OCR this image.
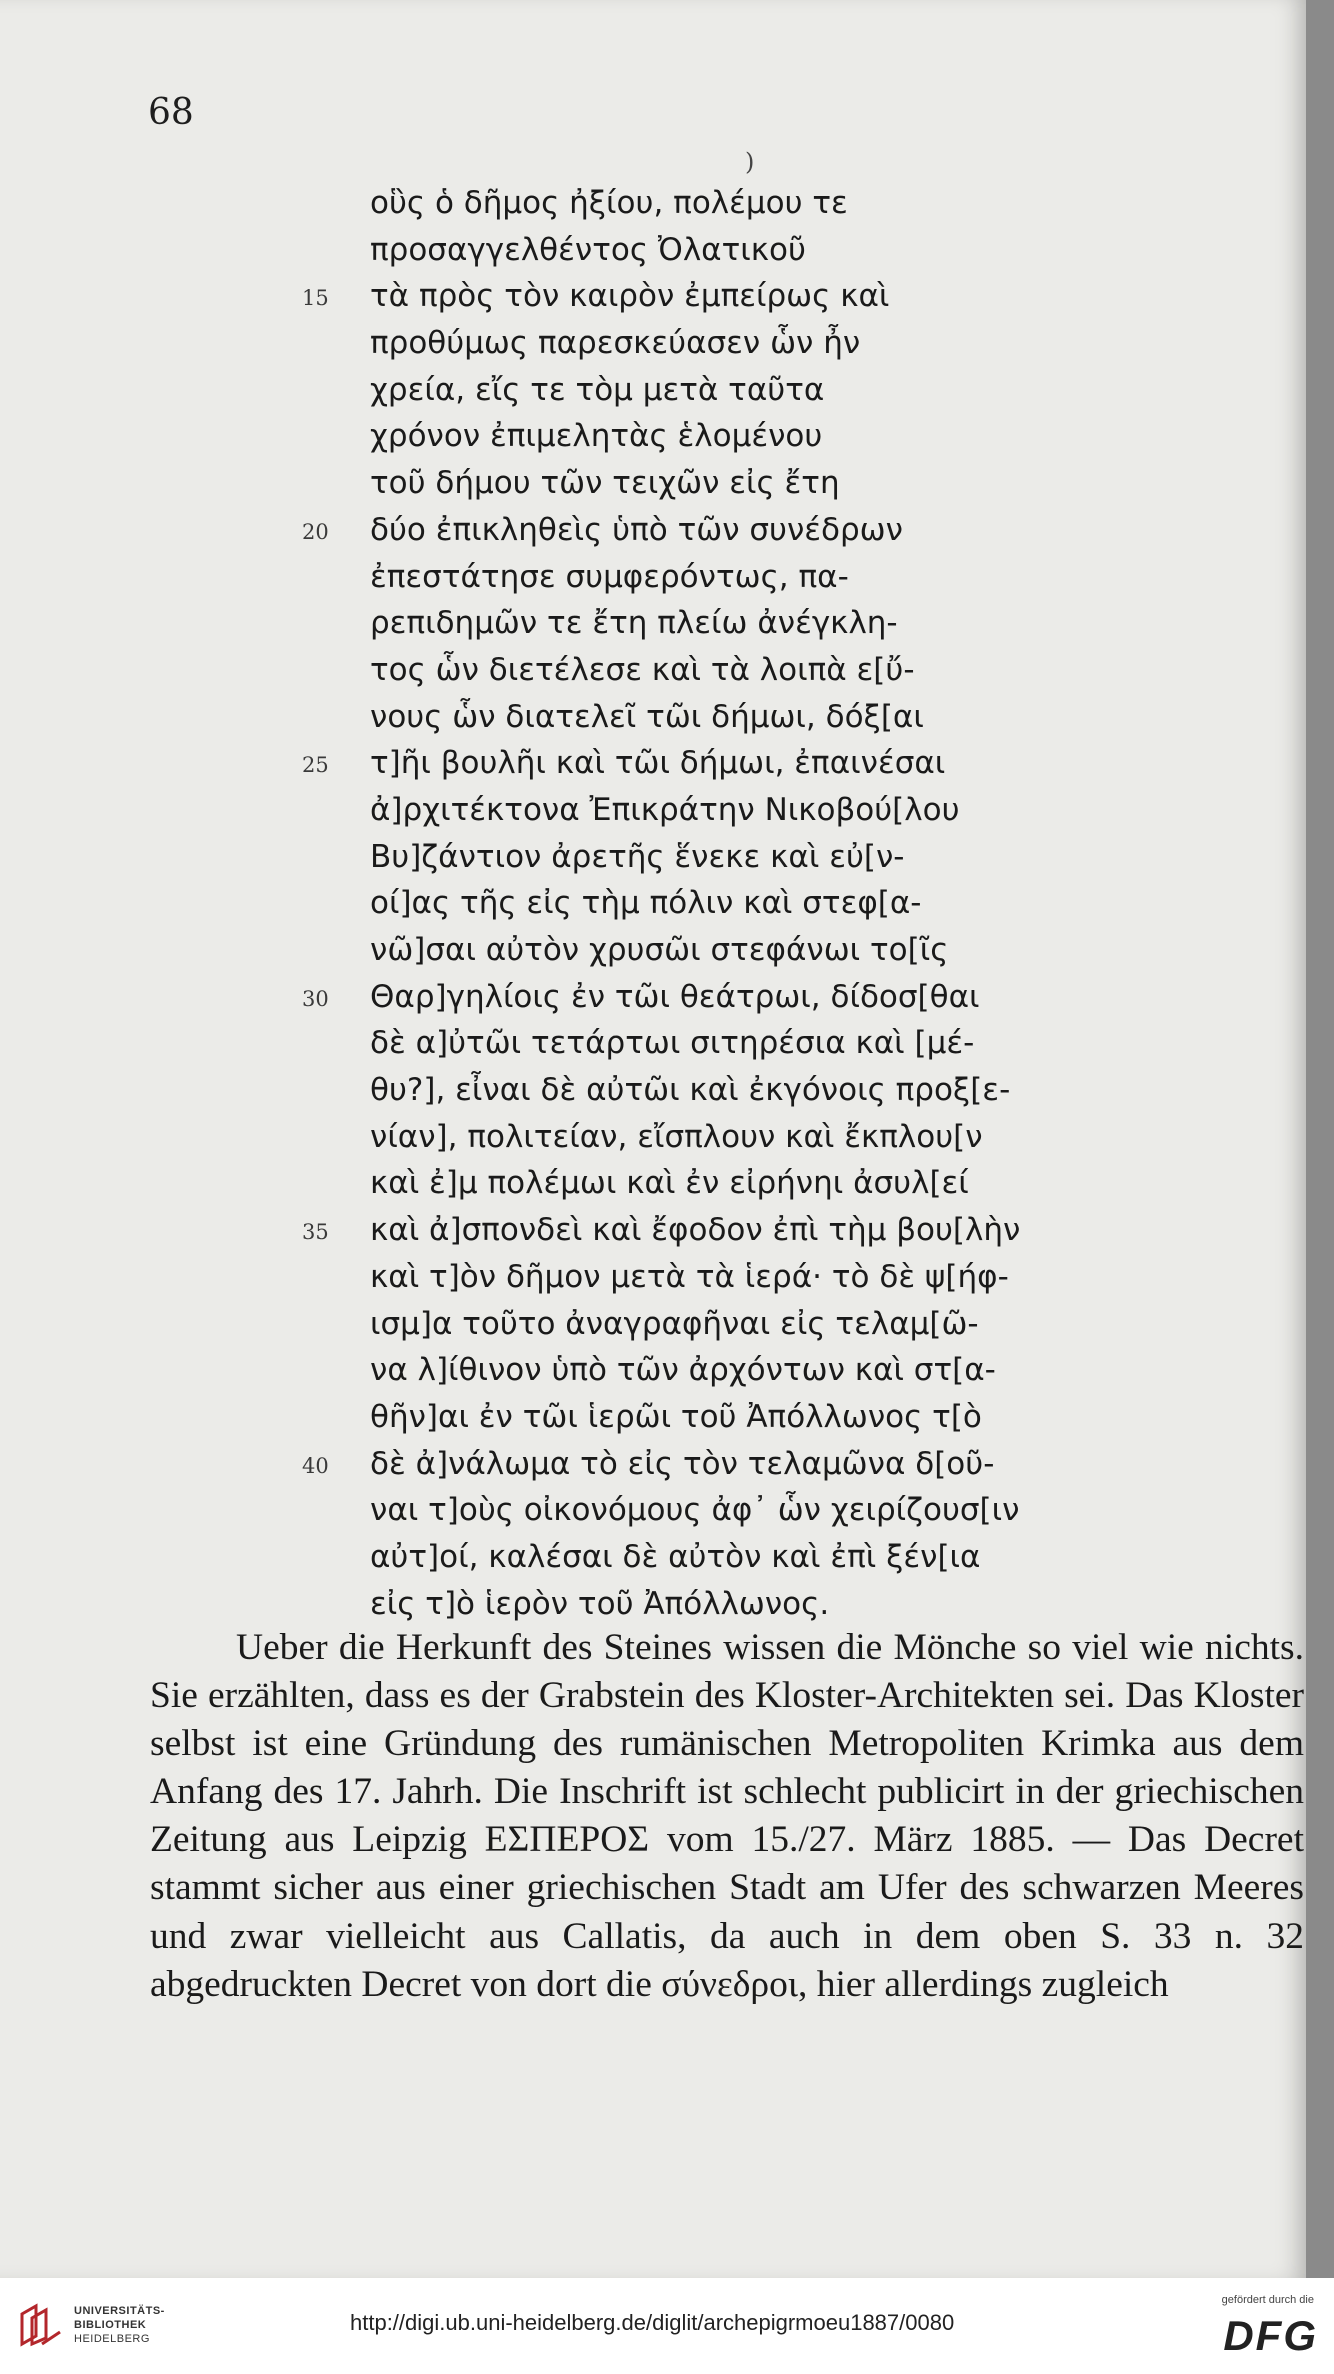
68
)
οὓς ὁ δῆμος ἠξίου, πολέμου τε
προσαγγελθέντος Ὀλατικοῦ
15 τὰ πρὸς τὸν καιρὸν ἐμπείρως καὶ
προθύμως παρεσκεύασεν ὧν ἦν
χρεία, εἴς τε τὸμ μετὰ ταῦτα
χρόνον ἐπιμελητὰς ἑλομένου
τοῦ δήμου τῶν τειχῶν εἰς ἔτη
20 δύο ἐπικληθεὶς ὑπὸ τῶν συνέδρων
ἐπεστάτησε συμφερόντως, πα-
ρεπιδημῶν τε ἔτη πλείω ἀνέγκλη-
τος ὧν διετέλεσε καὶ τὰ λοιπὰ ε[ὔ-
νους ὧν διατελεῖ τῶι δήμωι, δόξ[αι
25 τ]ῆι βουλῆι καὶ τῶι δήμωι, ἐπαινέσαι
ἀ]ρχιτέκτονα Ἐπικράτην Νικοβού[λου
Βυ]ζάντιον ἀρετῆς ἕνεκε καὶ εὐ[ν-
οί]ας τῆς εἰς τὴμ πόλιν καὶ στεφ[α-
νῶ]σαι αὐτὸν χρυσῶι στεφάνωι το[ῖς
30 Θαρ]γηλίοις ἐν τῶι θεάτρωι, δίδοσ[θαι
δὲ α]ὐτῶι τετάρτωι σιτηρέσια καὶ [μέ-
θυ?], εἶναι δὲ αὐτῶι καὶ ἐκγόνοις προξ[ε-
νίαν], πολιτείαν, εἴσπλουν καὶ ἔκπλου[ν
καὶ ἐ]μ πολέμωι καὶ ἐν εἰρήνηι ἀσυλ[εί
35 καὶ ἀ]σπονδεὶ καὶ ἔφοδον ἐπὶ τὴμ βου[λὴν
καὶ τ]ὸν δῆμον μετὰ τὰ ἱερά· τὸ δὲ ψ[ήφ-
ισμ]α τοῦτο ἀναγραφῆναι εἰς τελαμ[ῶ-
να λ]ίθινον ὑπὸ τῶν ἀρχόντων καὶ στ[α-
θῆν]αι ἐν τῶι ἱερῶι τοῦ Ἀπόλλωνος τ[ὸ
40 δὲ ἀ]νάλωμα τὸ εἰς τὸν τελαμῶνα δ[οῦ-
ναι τ]οὺς οἰκονόμους ἀφ᾽ ὧν χειρίζουσ[ιν
αὐτ]οί, καλέσαι δὲ αὐτὸν καὶ ἐπὶ ξέν[ια
εἰς τ]ὸ ἱερὸν τοῦ Ἀπόλλωνος.

Ueber die Herkunft des Steines wissen die Mönche so viel wie nichts. Sie erzählten, dass es der Grabstein des Kloster-Architekten sei. Das Kloster selbst ist eine Gründung des rumänischen Metropoliten Krimka aus dem Anfang des 17. Jahrh. Die Inschrift ist schlecht publicirt in der griechischen Zeitung aus Leipzig ΕΣΠΕΡΟΣ vom 15./27. März 1885. — Das Decret stammt sicher aus einer griechischen Stadt am Ufer des schwarzen Meeres und zwar vielleicht aus Callatis, da auch in dem oben S. 33 n. 32 abgedruckten Decret von dort die σύνεδροι, hier allerdings zugleich

UNIVERSITÄTS-
BIBLIOTHEK
HEIDELBERG
http://digi.ub.uni-heidelberg.de/diglit/archepigrmoeu1887/0080
gefördert durch die
DFG
